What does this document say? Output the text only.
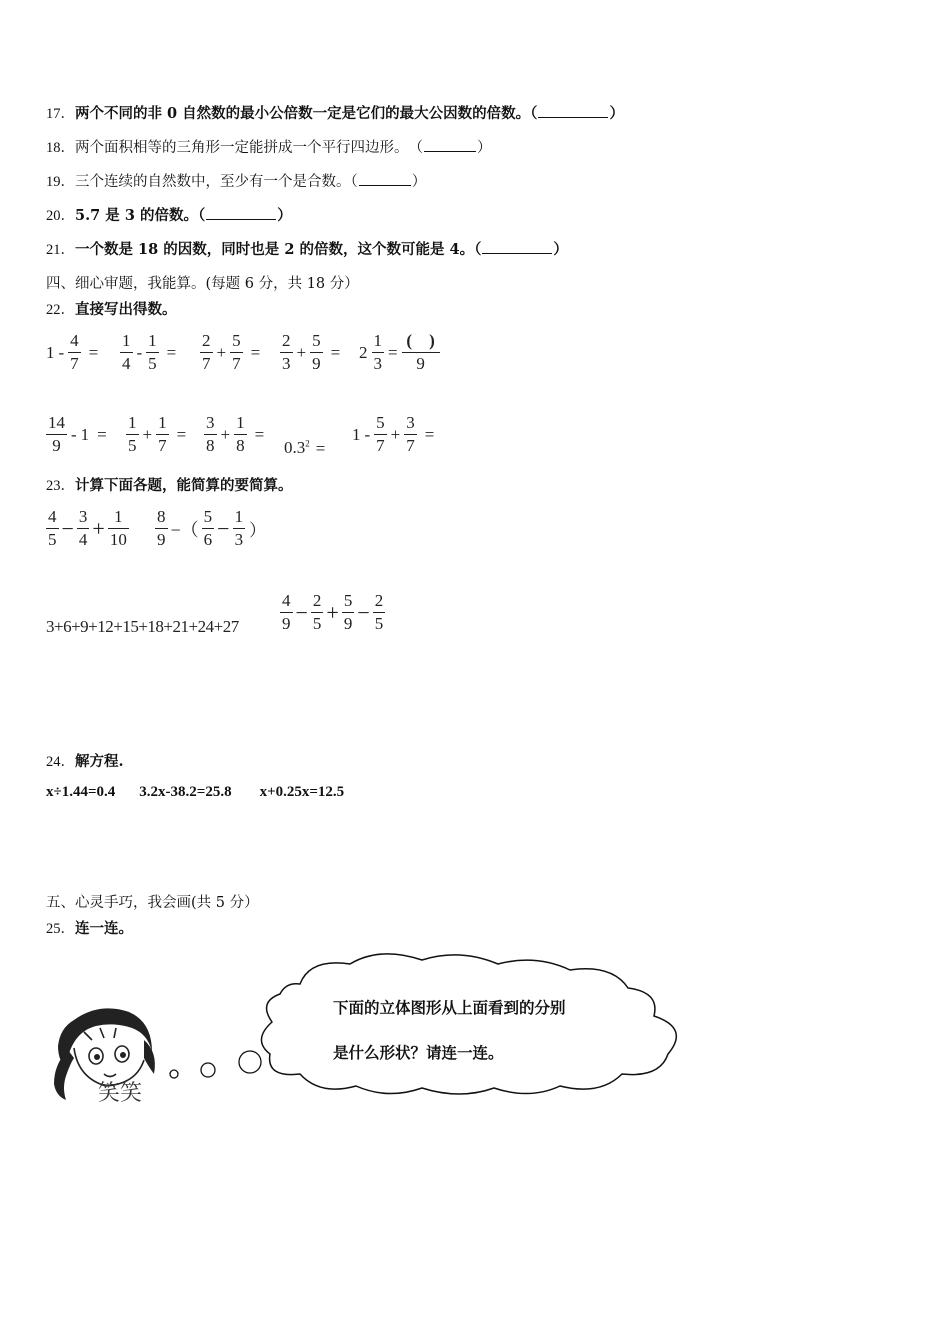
17．两个不同的非 0 自然数的最小公倍数一定是它们的最大公因数的倍数。（	）
18．两个面积相等的三角形一定能拼成一个平行四边形。　（	）
19．三个连续的自然数中，至少有一个是合数。（	）
20．5.7 是 3 的倍数。（	）
21．一个数是 18 的因数，同时也是 2 的倍数，这个数可能是 4。（	）
四、细心审题，我能算。(每题 6 分，共 18 分）
22．直接写出得数。
$1 - \frac{4}{7}$ =	$\frac{1}{4} - \frac{1}{5}$ =	$\frac{2}{7} + \frac{5}{7}$ =	$\frac{2}{3} + \frac{5}{9}$ =	$2 \frac{1}{3} = \frac{( )}{9}$
$\frac{14}{9} - 1$ =	$\frac{1}{5} + \frac{1}{7}$ =	$\frac{3}{8} + \frac{1}{8}$ =
$0.3^2$ =
$1 - \frac{5}{7} + \frac{3}{7}$ =
23．计算下面各题，能简算的要简算。
$\frac{4}{5} - \frac{3}{4} + \frac{1}{10} \frac{8}{9}$ −（ $\frac{5}{6} - \frac{1}{3}$ ）
$3+6+9+12+15+18+21+24+27 \frac{4}{9} - \frac{2}{5} + \frac{5}{9} - \frac{2}{5}$
24．解方程.
x÷1.44=0.4 3.2x-38.2=25.8 x+0.25x=12.5
五、心灵手巧，我会画(共 5 分）
25．连一连。
笑笑
下面的立体图形从上面看到的分别
是什么形状？请连一连。
